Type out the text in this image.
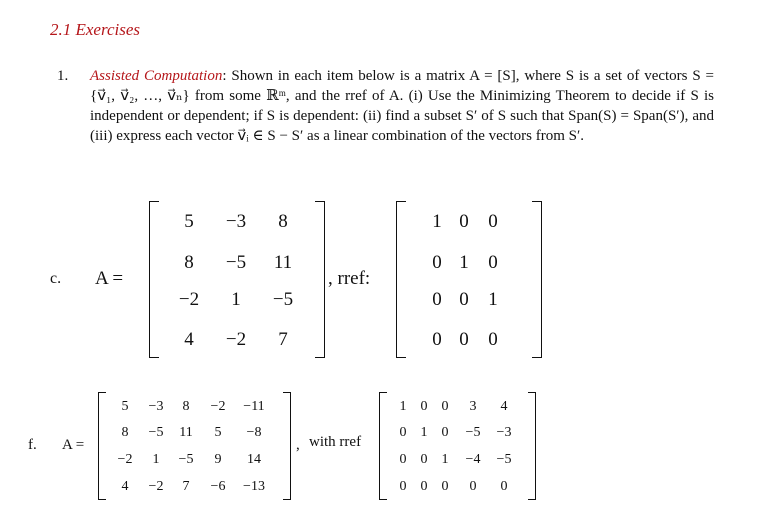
2.1 Exercises
1. Assisted Computation: Shown in each item below is a matrix A = [S], where S is a set of vectors S = {v⃗₁, v⃗₂, …, v⃗ₙ} from some ℝᵐ, and the rref of A. (i) Use the Minimizing Theorem to decide if S is independent or dependent; if S is dependent: (ii) find a subset S′ of S such that Span(S) = Span(S′), and (iii) express each vector v⃗ᵢ ∈ S − S′ as a linear combination of the vectors from S′.
c. A =
5	−3	8
8	−5	11
−2	1	−5
4	−2	7
, rref:
1 0	0
0 1	0
0 0	1
0 0	0
f. A =
5	−3	8	−2	−11
8	−5	11	5	−8
−2	1	−5	9	14
4	−2	7	−6	−13
, with rref
1	0	0	3	4
0	1	0	−5	−3
0	0	1	−4	−5
0	0	0	0	0
